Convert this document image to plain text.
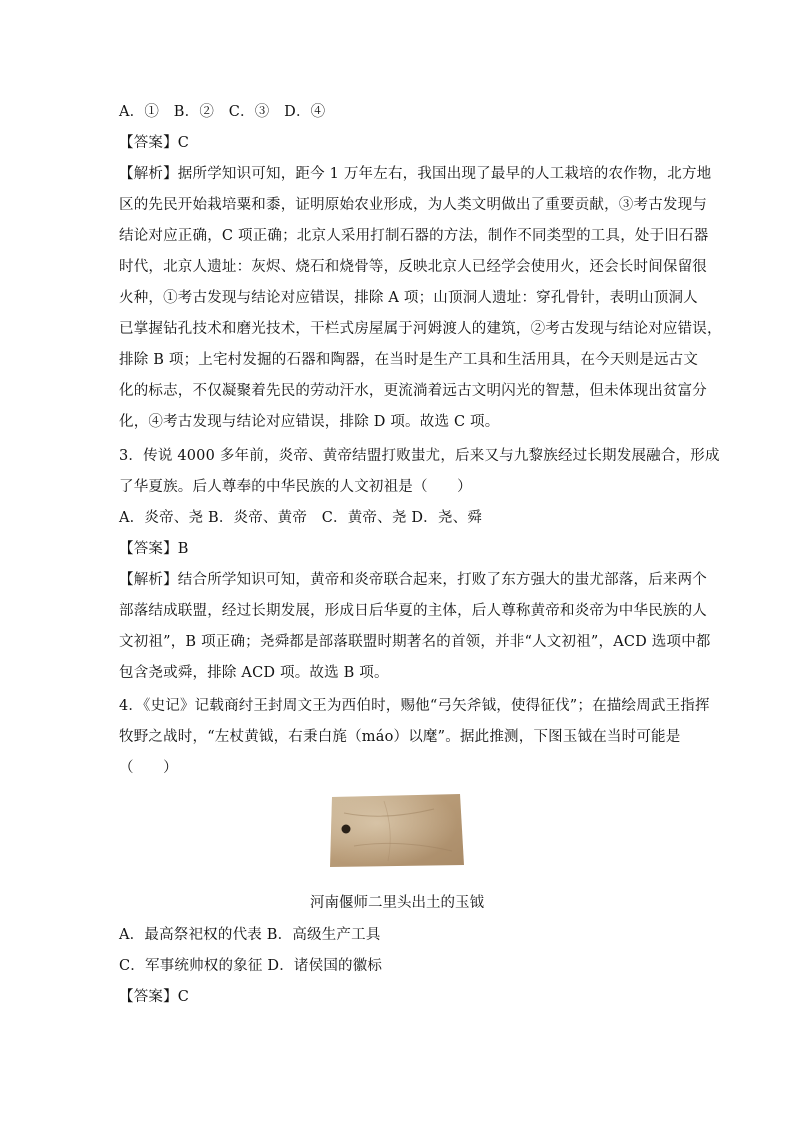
A．①　B．②　C．③　D．④
【答案】C
【解析】据所学知识可知，距今 1 万年左右，我国出现了最早的人工栽培的农作物，北方地
区的先民开始栽培粟和黍，证明原始农业形成，为人类文明做出了重要贡献，③考古发现与
结论对应正确，C 项正确；北京人采用打制石器的方法，制作不同类型的工具，处于旧石器
时代，北京人遗址：灰烬、烧石和烧骨等，反映北京人已经学会使用火，还会长时间保留很
火种，①考古发现与结论对应错误，排除 A 项；山顶洞人遗址：穿孔骨针，表明山顶洞人
已掌握钻孔技术和磨光技术，干栏式房屋属于河姆渡人的建筑，②考古发现与结论对应错误，
排除 B 项；上宅村发掘的石器和陶器，在当时是生产工具和生活用具，在今天则是远古文
化的标志，不仅凝聚着先民的劳动汗水，更流淌着远古文明闪光的智慧，但未体现出贫富分
化，④考古发现与结论对应错误，排除 D 项。故选 C 项。
3．传说 4000 多年前，炎帝、黄帝结盟打败蚩尤，后来又与九黎族经过长期发展融合，形成
了华夏族。后人尊奉的中华民族的人文初祖是（　　）
A．炎帝、尧 B．炎帝、黄帝　C．黄帝、尧 D．尧、舜
【答案】B
【解析】结合所学知识可知，黄帝和炎帝联合起来，打败了东方强大的蚩尤部落，后来两个
部落结成联盟，经过长期发展，形成日后华夏的主体，后人尊称黄帝和炎帝为中华民族的人
文初祖”，B 项正确；尧舜都是部落联盟时期著名的首领，并非“人文初祖”，ACD 选项中都
包含尧或舜，排除 ACD 项。故选 B 项。
4．《史记》记载商纣王封周文王为西伯时，赐他“弓矢斧钺，使得征伐”；在描绘周武王指挥
牧野之战时，“左杖黄钺，右秉白旄（máo）以麾”。据此推测，下图玉钺在当时可能是
（　　）
河南偃师二里头出土的玉钺
A．最高祭祀权的代表 B．高级生产工具
C．军事统帅权的象征 D．诸侯国的徽标
【答案】C
